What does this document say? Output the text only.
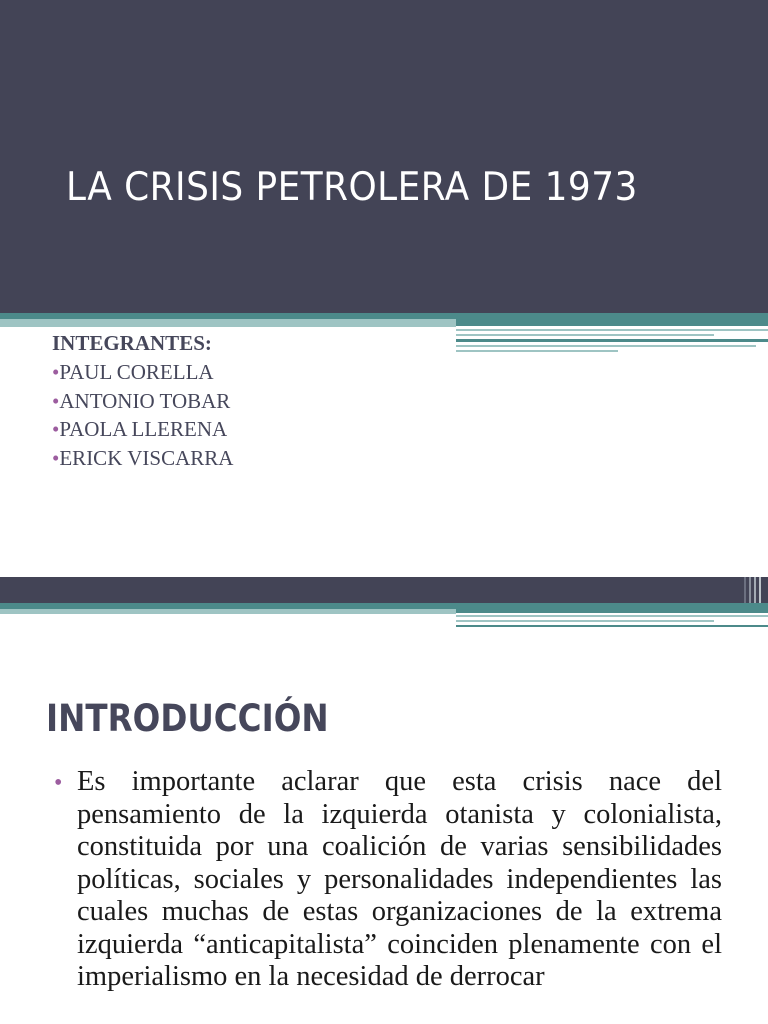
LA CRISIS PETROLERA DE 1973
INTEGRANTES:
•PAUL CORELLA
•ANTONIO TOBAR
•PAOLA LLERENA
•ERICK VISCARRA
INTRODUCCIÓN
• Es importante aclarar que esta crisis nace del pensamiento de la izquierda otanista y colonialista, constituida por una coalición de varias sensibilidades políticas, sociales y personalidades independientes las cuales muchas de estas organizaciones de la extrema izquierda “anticapitalista” coinciden plenamente con el imperialismo en la necesidad de derrocar
